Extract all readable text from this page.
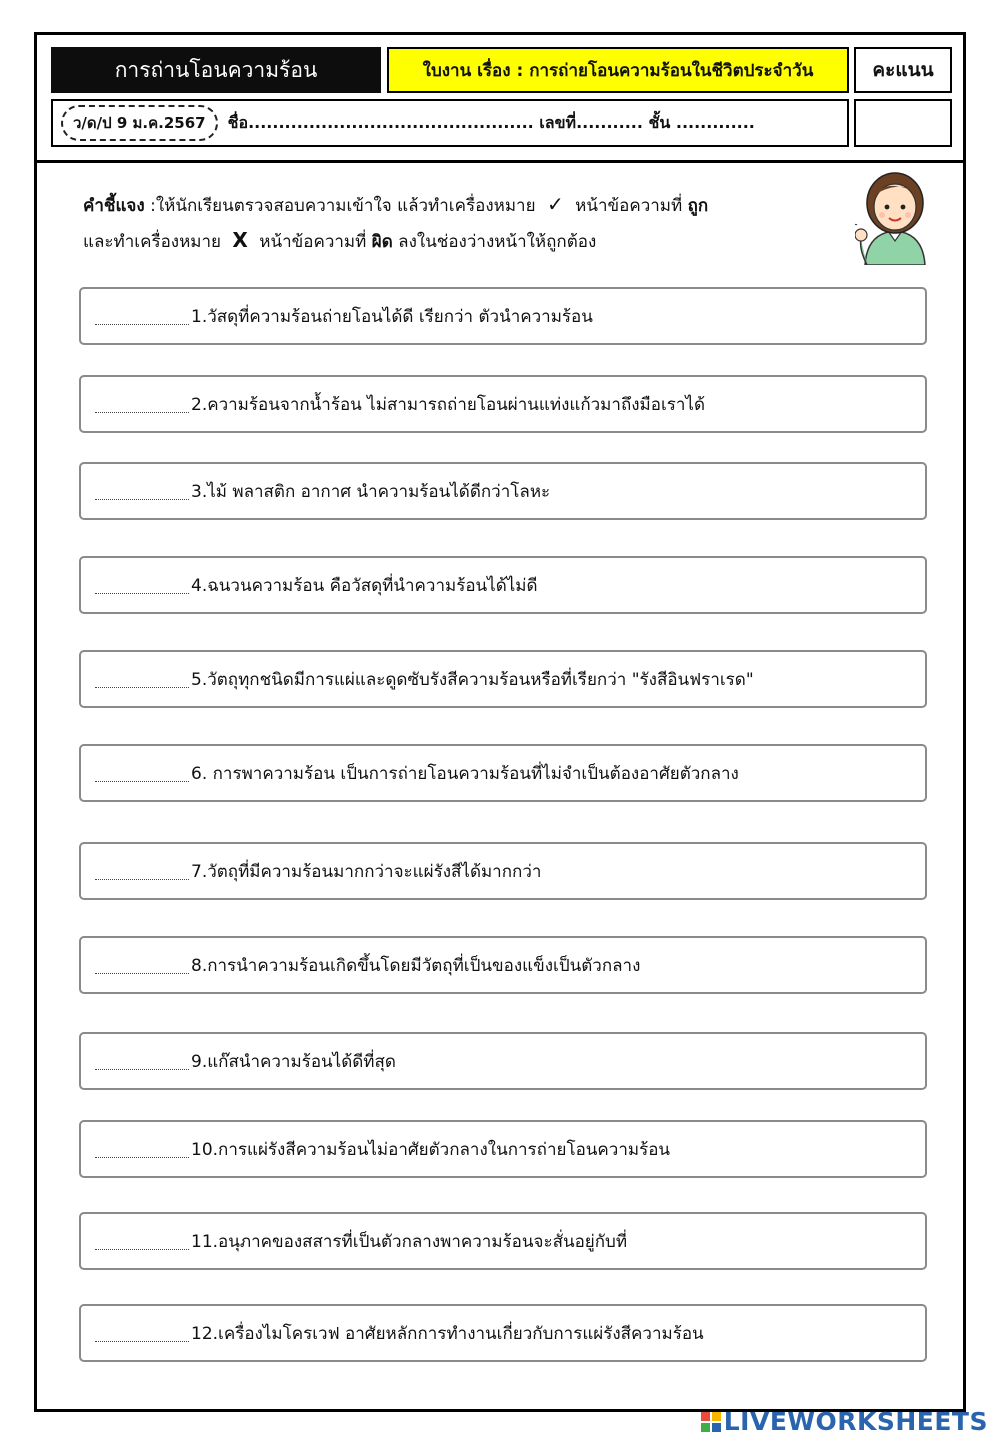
การถ่านโอนความร้อน	ใบงาน เรื่อง : การถ่ายโอนความร้อนในชีวิตประจำวัน	คะแนน
ว/ด/ป 9 ม.ค.2567	ชื่อ............................................... เลขที่........... ชั้น .............
คำชี้แจง :ให้นักเรียนตรวจสอบความเข้าใจ แล้วทำเครื่องหมาย ✓ หน้าข้อความที่ ถูก
และทำเครื่องหมาย X หน้าข้อความที่ ผิด ลงในช่องว่างหน้าให้ถูกต้อง
1.วัสดุที่ความร้อนถ่ายโอนได้ดี เรียกว่า ตัวนำความร้อน
2.ความร้อนจากน้ำร้อน ไม่สามารถถ่ายโอนผ่านแท่งแก้วมาถึงมือเราได้
3.ไม้ พลาสติก อากาศ นำความร้อนได้ดีกว่าโลหะ
4.ฉนวนความร้อน คือวัสดุที่นำความร้อนได้ไม่ดี
5.วัตถุทุกชนิดมีการแผ่และดูดซับรังสีความร้อนหรือที่เรียกว่า "รังสีอินฟราเรด"
6. การพาความร้อน เป็นการถ่ายโอนความร้อนที่ไม่จำเป็นต้องอาศัยตัวกลาง
7.วัตถุที่มีความร้อนมากกว่าจะแผ่รังสีได้มากกว่า
8.การนำความร้อนเกิดขึ้นโดยมีวัตถุที่เป็นของแข็งเป็นตัวกลาง
9.แก๊สนำความร้อนได้ดีที่สุด
10.การแผ่รังสีความร้อนไม่อาศัยตัวกลางในการถ่ายโอนความร้อน
11.อนุภาคของสสารที่เป็นตัวกลางพาความร้อนจะสั่นอยู่กับที่
12.เครื่องไมโครเวฟ อาศัยหลักการทำงานเกี่ยวกับการแผ่รังสีความร้อน
LIVEWORKSHEETS
